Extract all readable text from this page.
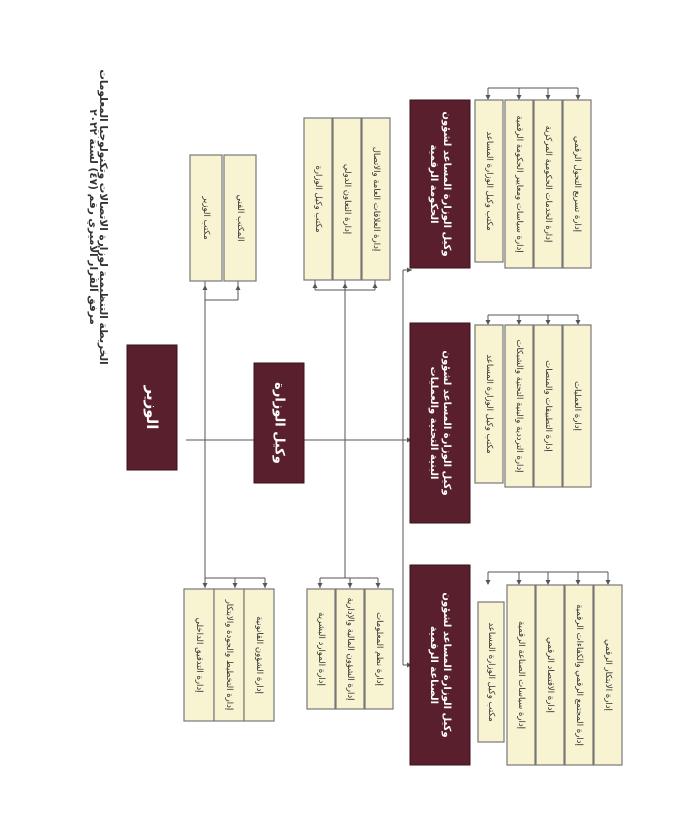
مرفق القرار الأميري رقم (٤٧) لسنة ٢٠٢٢
الخريطة التنظيمية لوزارة الاتصالات وتكنولوجيا المعلومات
الوزير
مكتب الوزير	المكتب الفني
إدارة التدقيق الداخلي إدارة التخطيط والجودة والابتكار إدارة الشؤون القانونية
وكيل الوزارة
مكتب وكيل الوزارة إدارة التعاون الدولي إدارة العلاقات العامة والاتصال
إدارة الموارد البشرية إدارة الشؤون المالية والإدارية إدارة نظم المعلومات
وكيل الوزارة المساعد لشؤونالحكومة الرقمية	مكتب وكيل الوزارة المساعد إدارة سياسات ومعايير الحكومة الرقمية إدارة الخدمات الحكومية المركزية إدارة تسريع التحول الرقمي
وكيل الوزارة المساعد لشؤونالبنية التحتية والعمليات	مكتب وكيل الوزارة المساعد إدارة الترددية والبنية التحتية والشبكات إدارة التطبيقات والمنصات إدارة العمليات
وكيل الوزارة المساعد لشؤونالصناعة الرقمية	مكتب وكيل الوزارة المساعد إدارة سياسات الصناعة الرقمية إدارة الاقتصاد الرقمي إدارة المجتمع الرقمي والكفاءات الرقمية إدارة الابتكار الرقمي
